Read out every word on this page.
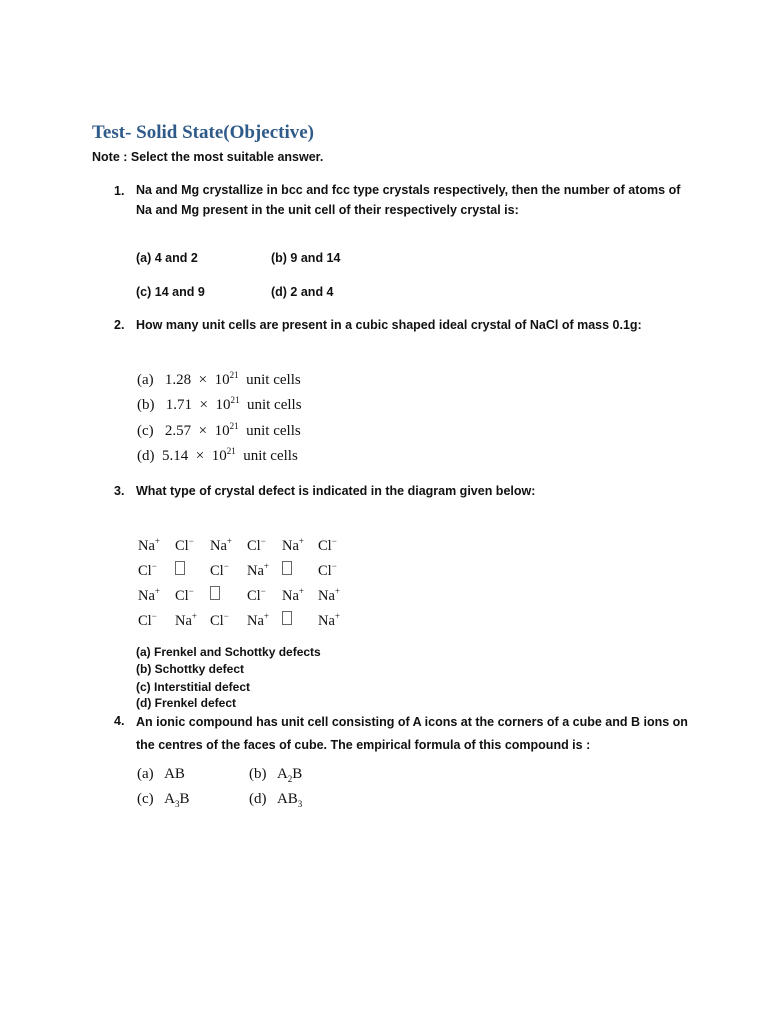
Test- Solid State(Objective)
Note : Select the most suitable answer.
1. Na and Mg crystallize in bcc and fcc type crystals respectively, then the number of atoms of Na and Mg present in the unit cell of their respectively crystal is:
(a) 4 and 2	(b) 9 and 14
(c) 14 and 9	(d) 2 and 4
2. How many unit cells are present in a cubic shaped ideal crystal of NaCl of mass 0.1g:
(a) $1.28 \times 10^{21}$ unit cells
(b) $1.71 \times 10^{21}$ unit cells
(c) $2.57 \times 10^{21}$ unit cells
(d) $5.14 \times 10^{21}$ unit cells
3. What type of crystal defect is indicated in the diagram given below:
Na+ Cl− Na+ Cl− Na+ Cl−
Cl−	Cl− Na+	Cl−
Na+ Cl−	Cl− Na+ Na+
Cl− Na+ Cl− Na+	Na+
(a) Frenkel and Schottky defects
(b) Schottky defect
(c) Interstitial defect
(d) Frenkel defect
4. An ionic compound has unit cell consisting of A icons at the corners of a cube and B ions on the centres of the faces of cube. The empirical formula of this compound is :
(a) AB	(b) $A_2B$
(c) $A_3B$	(d) $AB_3$
